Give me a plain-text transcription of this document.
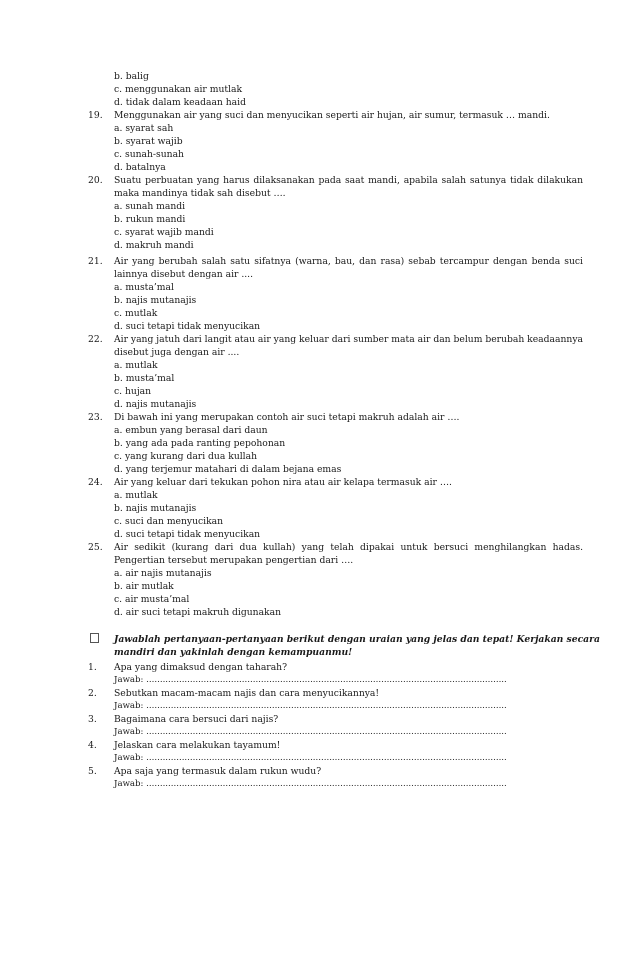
b. balig
c. menggunakan air mutlak
d. tidak dalam keadaan haid
19.	Menggunakan air yang suci dan menyucikan seperti air hujan, air sumur, termasuk … mandi.
a. syarat sah
b. syarat wajib
c. sunah-sunah
d. batalnya
20.	Suatu perbuatan yang harus dilaksanakan pada saat mandi, apabila salah satunya tidak dilakukan
maka mandinya tidak sah disebut ….
a. sunah mandi
b. rukun mandi
c. syarat wajib mandi
d. makruh mandi
21.	Air yang berubah salah satu sifatnya (warna, bau, dan rasa) sebab tercampur dengan benda suci
lainnya disebut dengan air ....
a. musta’mal
b. najis mutanajis
c. mutlak
d. suci tetapi tidak menyucikan
22.	Air yang jatuh dari langit atau air yang keluar dari sumber mata air dan belum berubah keadaannya
disebut juga dengan air ....
a. mutlak
b. musta’mal
c. hujan
d. najis mutanajis
23.	Di bawah ini yang merupakan contoh air suci tetapi makruh adalah air ….
a. embun yang berasal dari daun
b. yang ada pada ranting pepohonan
c. yang kurang dari dua kullah
d. yang terjemur matahari di dalam bejana emas
24.	Air yang keluar dari tekukan pohon nira atau air kelapa termasuk air ….
a. mutlak
b. najis mutanajis
c. suci dan menyucikan
d. suci tetapi tidak menyucikan
25.	Air sedikit (kurang dari dua kullah) yang telah dipakai untuk bersuci menghilangkan hadas.
Pengertian tersebut merupakan pengertian dari ….
a. air najis mutanajis
b. air mutlak
c. air musta’mal
d. air suci tetapi makruh digunakan
Jawablah pertanyaan-pertanyaan berikut dengan uraian yang jelas dan tepat! Kerjakan secara
mandiri dan yakinlah dengan kemampuanmu!
1.	Apa yang dimaksud dengan taharah?
Jawab: ....................................................................................................................................
2.	Sebutkan macam-macam najis dan cara menyucikannya!
Jawab: ....................................................................................................................................
3.	Bagaimana cara bersuci dari najis?
Jawab: ....................................................................................................................................
4.	Jelaskan cara melakukan tayamum!
Jawab: ....................................................................................................................................
5.	Apa saja yang termasuk dalam rukun wudu?
Jawab: ....................................................................................................................................
